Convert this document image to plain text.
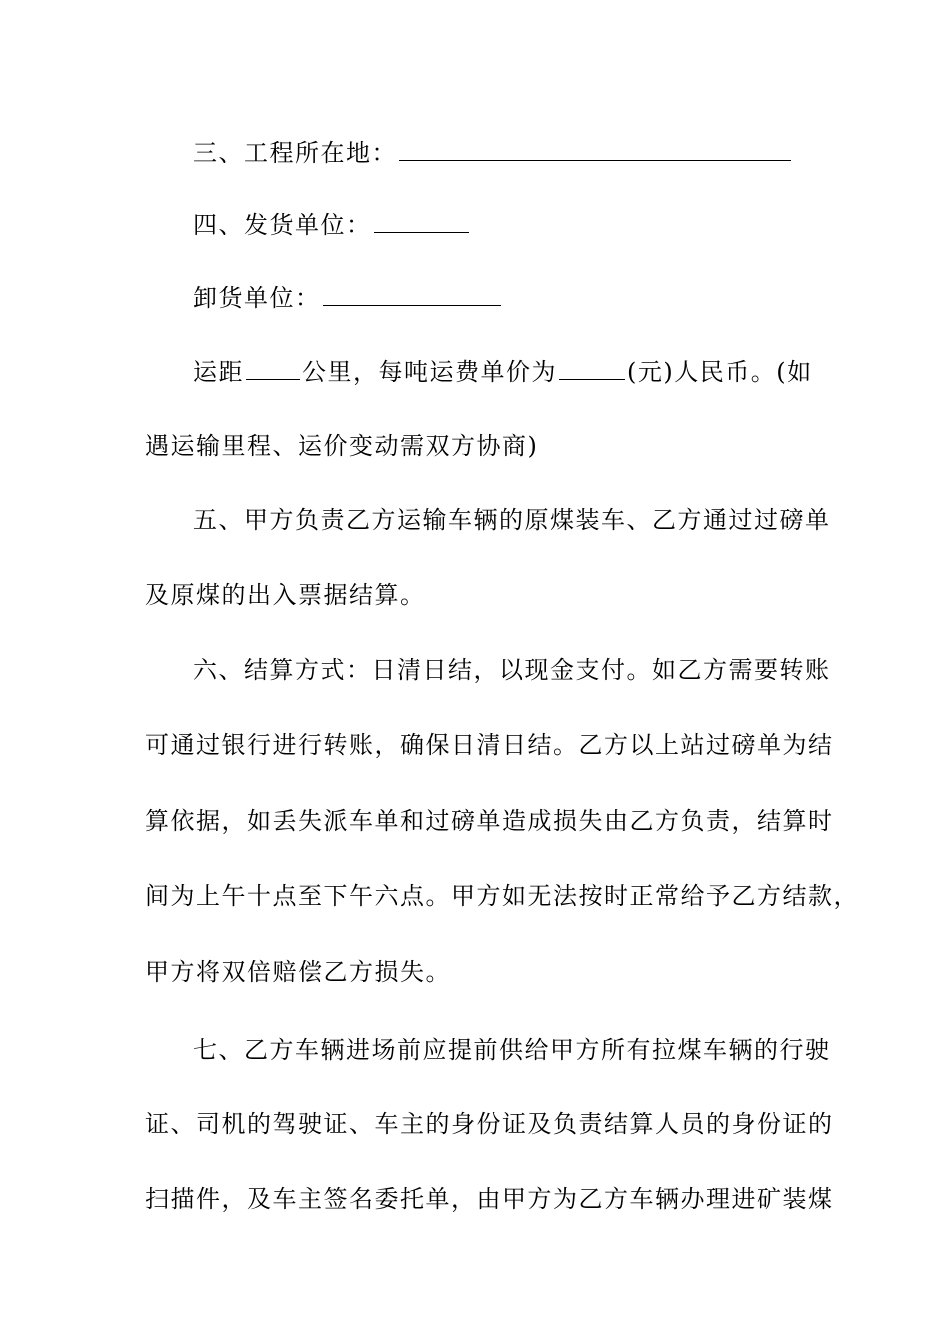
三、工程所在地：
四、发货单位：
卸货单位：
运距 公里，每吨运费单价为	(元)人民币。(如
遇运输里程、运价变动需双方协商)
五、甲方负责乙方运输车辆的原煤装车、乙方通过过磅单
及原煤的出入票据结算。
六、结算方式：日清日结，以现金支付。如乙方需要转账
可通过银行进行转账，确保日清日结。乙方以上站过磅单为结
算依据，如丢失派车单和过磅单造成损失由乙方负责，结算时
间为上午十点至下午六点。甲方如无法按时正常给予乙方结款，
甲方将双倍赔偿乙方损失。
七、乙方车辆进场前应提前供给甲方所有拉煤车辆的行驶
证、司机的驾驶证、车主的身份证及负责结算人员的身份证的
扫描件，及车主签名委托单，由甲方为乙方车辆办理进矿装煤
